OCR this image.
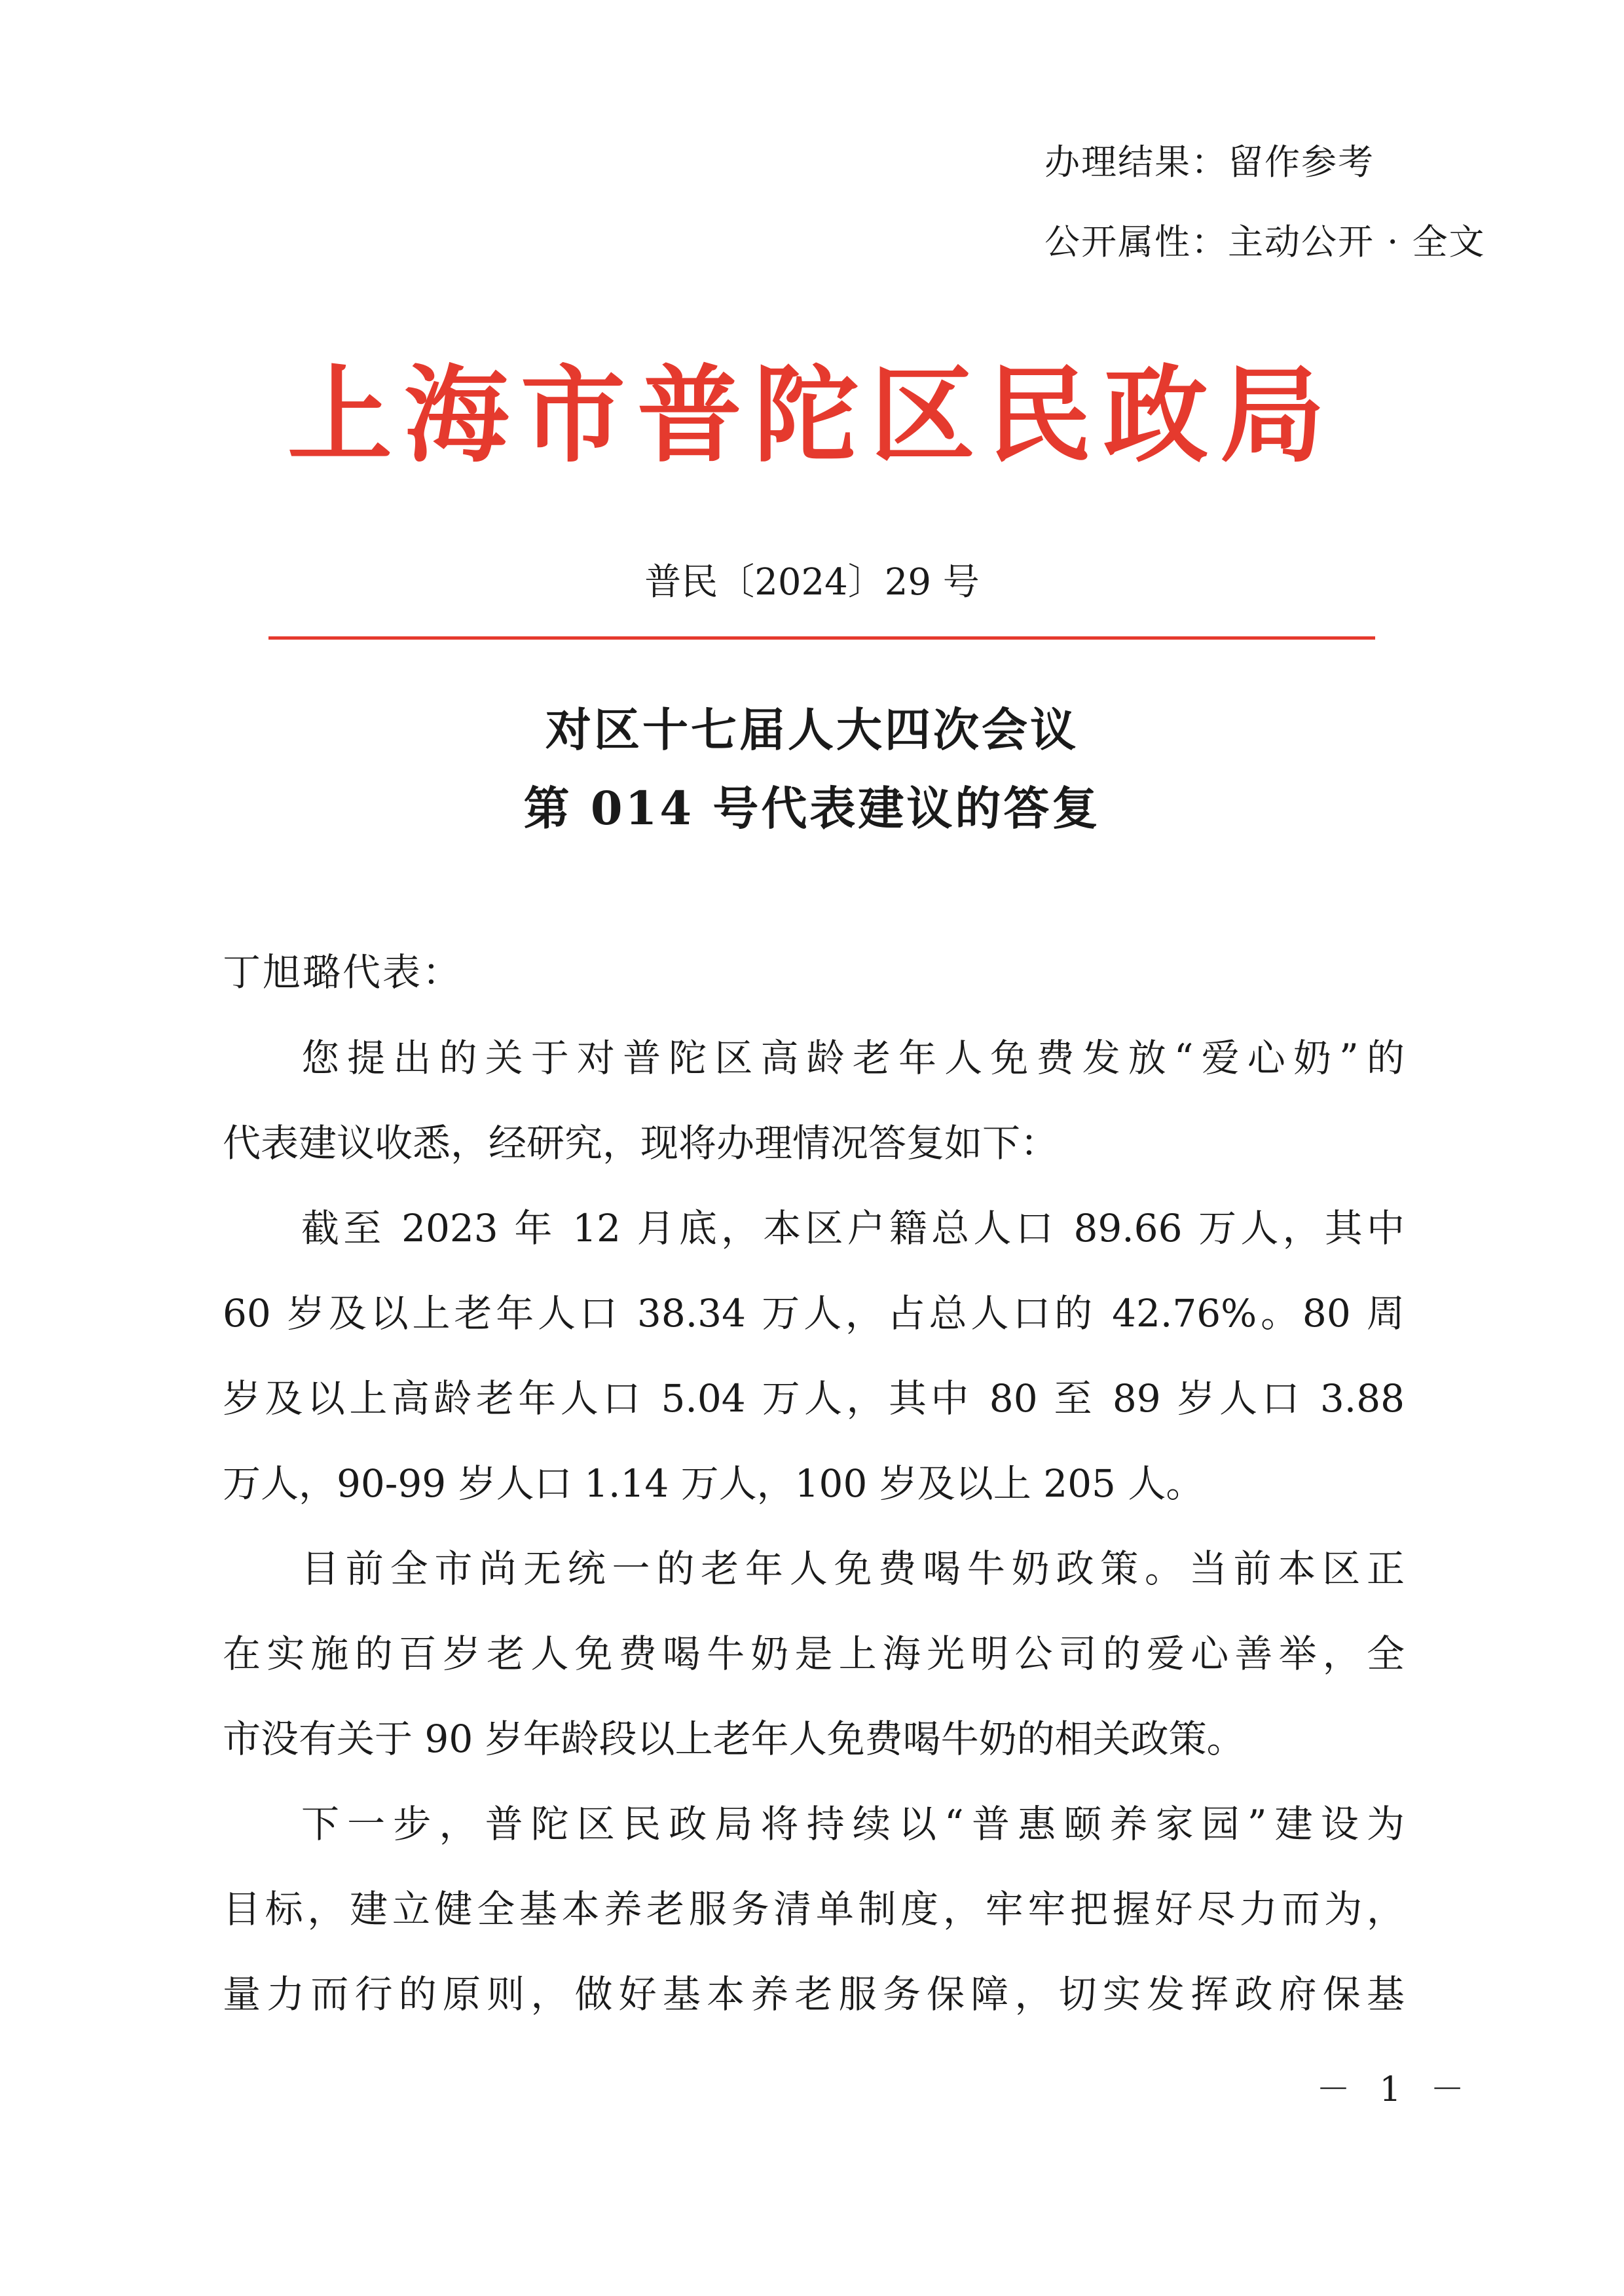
办理结果：留作参考
公开属性：主动公开 · 全文
上海市普陀区民政局
普民〔2024〕29 号
对区十七届人大四次会议
第 014 号代表建议的答复
丁旭璐代表：
您提出的关于对普陀区高龄老年人免费发放“爱心奶”的
代表建议收悉，经研究，现将办理情况答复如下：
截至 2023 年 12 月底，本区户籍总人口 89.66 万人，其中
60 岁及以上老年人口 38.34 万人，占总人口的 42.76%。80 周
岁及以上高龄老年人口 5.04 万人，其中 80 至 89 岁人口 3.88
万人，90-99 岁人口 1.14 万人，100 岁及以上 205 人。
目前全市尚无统一的老年人免费喝牛奶政策。当前本区正
在实施的百岁老人免费喝牛奶是上海光明公司的爱心善举，全
市没有关于 90 岁年龄段以上老年人免费喝牛奶的相关政策。
下一步，普陀区民政局将持续以“普惠颐养家园”建设为
目标，建立健全基本养老服务清单制度，牢牢把握好尽力而为，
量力而行的原则，做好基本养老服务保障，切实发挥政府保基
－ 1 －
